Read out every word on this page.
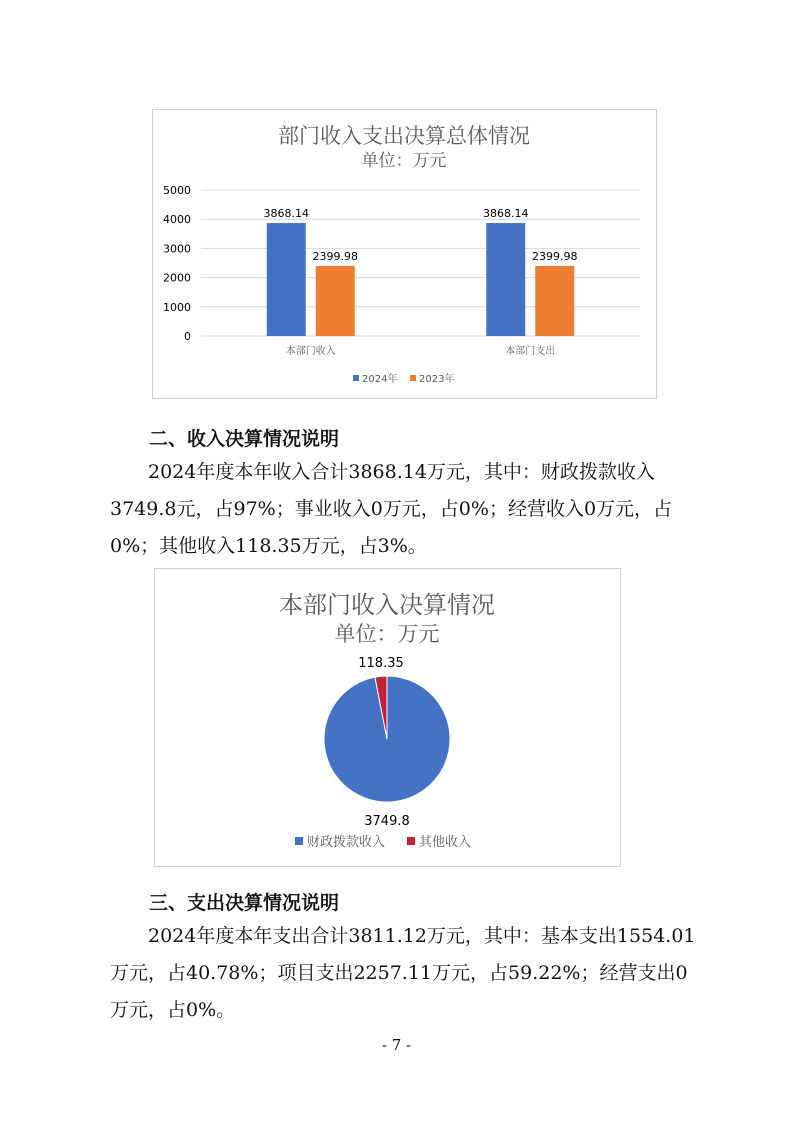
部门收入支出决算总体情况
单位：万元
0
1000
2000
3000
4000
5000
3868.14
2399.98
3868.14
2399.98
本部门收入	本部门支出
2024年 2023年
二、收入决算情况说明
2024年度本年收入合计3868.14万元，其中：财政拨款收入3749.8元，占97%；事业收入0万元，占0%；经营收入0万元，占0%；其他收入118.35万元，占3%。
本部门收入决算情况
单位：万元
3749.8
118.35
财政拨款收入	其他收入
三、支出决算情况说明
2024年度本年支出合计3811.12万元，其中：基本支出1554.01万元，占40.78%；项目支出2257.11万元，占59.22%；经营支出0万元，占0%。
- 7 -
